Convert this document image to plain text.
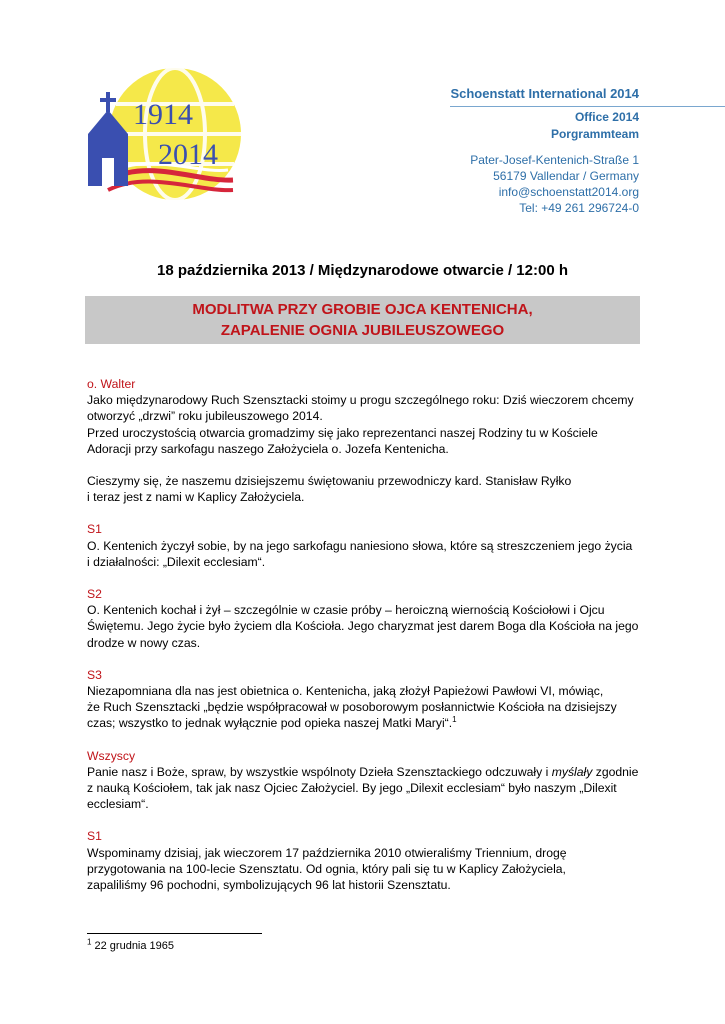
1914
2014
Schoenstatt International 2014
Office 2014
Porgrammteam
Pater-Josef-Kentenich-Straße 1
56179 Vallendar / Germany
info@schoenstatt2014.org
Tel: +49 261 296724-0
18 października 2013 / Międzynarodowe otwarcie / 12:00 h
MODLITWA PRZY GROBIE OJCA KENTENICHA,
ZAPALENIE OGNIA JUBILEUSZOWEGO

o. Walter

Jako międzynarodowy Ruch Szensztacki stoimy u progu szczególnego roku: Dziś wieczorem chcemy

otworzyć „drzwi” roku jubileuszowego 2014.

Przed uroczystością otwarcia gromadzimy się jako reprezentanci naszej Rodziny tu w Kościele

Adoracji przy sarkofagu naszego Założyciela o. Jozefa Kentenicha.

Cieszymy się, że naszemu dzisiejszemu świętowaniu przewodniczy kard. Stanisław Ryłko

i teraz jest z nami w Kaplicy Założyciela.

S1

O. Kentenich życzył sobie, by na jego sarkofagu naniesiono słowa, które są streszczeniem jego życia

i działalności: „Dilexit ecclesiam“.

S2

O. Kentenich kochał i żył – szczególnie w czasie próby – heroiczną wiernością Kościołowi i Ojcu

Świętemu. Jego życie było życiem dla Kościoła. Jego charyzmat jest darem Boga dla Kościoła na jego

drodze w nowy czas.

S3

Niezapomniana dla nas jest obietnica o. Kentenicha, jaką złożył Papieżowi Pawłowi VI, mówiąc,

że Ruch Szensztacki „będzie współpracował w posoborowym posłannictwie Kościoła na dzisiejszy

czas; wszystko to jednak wyłącznie pod opieka naszej Matki Maryi“.$^1$

Wszyscy

Panie nasz i Boże, spraw, by wszystkie wspólnoty Dzieła Szensztackiego odczuwały i myślały zgodnie

z nauką Kościołem, tak jak nasz Ojciec Założyciel. By jego „Dilexit ecclesiam“ było naszym „Dilexit

ecclesiam“.

S1

Wspominamy dzisiaj, jak wieczorem 17 października 2010 otwieraliśmy Triennium, drogę

przygotowania na 100-lecie Szensztatu. Od ognia, który pali się tu w Kaplicy Założyciela,

zapaliliśmy 96 pochodni, symbolizujących 96 lat historii Szensztatu.

$^1$ 22 grudnia 1965
